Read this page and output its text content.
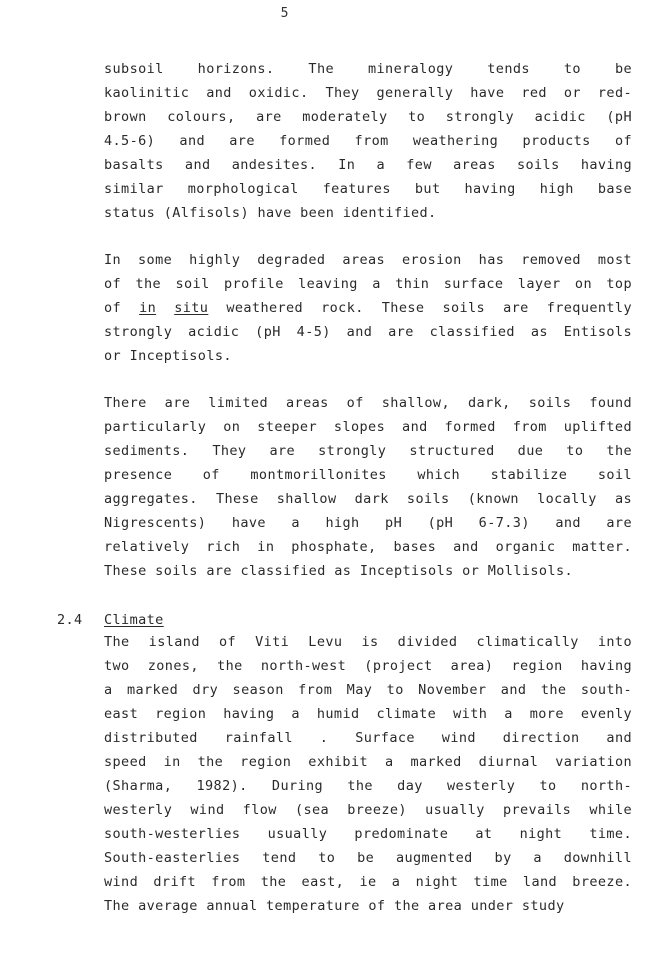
5
subsoil horizons. The mineralogy tends to be
kaolinitic and oxidic. They generally have red or red-
brown colours, are moderately to strongly acidic (pH
4.5-6) and are formed from weathering products of
basalts and andesites. In a few areas soils having
similar morphological features but having high base
status (Alfisols) have been identified.
In some highly degraded areas erosion has removed most
of the soil profile leaving a thin surface layer on top
of in situ weathered rock. These soils are frequently
strongly acidic (pH 4-5) and are classified as Entisols
or Inceptisols.
There are limited areas of shallow, dark, soils found
particularly on steeper slopes and formed from uplifted
sediments. They are strongly structured due to the
presence of montmorillonites which stabilize soil
aggregates. These shallow dark soils (known locally as
Nigrescents) have a high pH (pH 6-7.3) and are
relatively rich in phosphate, bases and organic matter.
These soils are classified as Inceptisols or Mollisols.
2.4 Climate
The island of Viti Levu is divided climatically into
two zones, the north-west (project area) region having
a marked dry season from May to November and the south-
east region having a humid climate with a more evenly
distributed rainfall . Surface wind direction and
speed in the region exhibit a marked diurnal variation
(Sharma, 1982). During the day westerly to north-
westerly wind flow (sea breeze) usually prevails while
south-westerlies usually predominate at night time.
South-easterlies tend to be augmented by a downhill
wind drift from the east, ie a night time land breeze.
The average annual temperature of the area under study
